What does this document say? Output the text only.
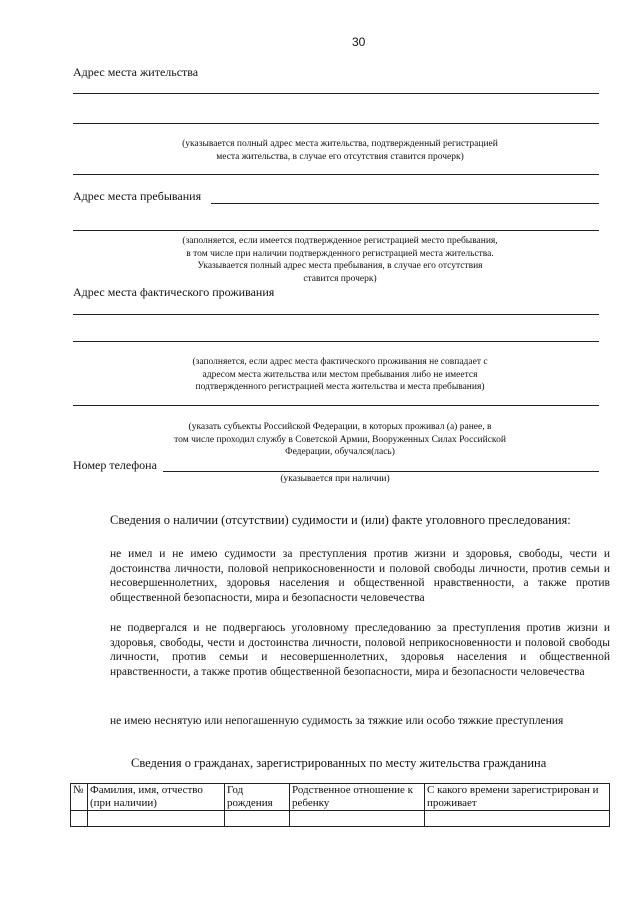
30
Адрес места жительства
(указывается полный адрес места жительства, подтвержденный регистрацией
места жительства, в случае его отсутствия ставится прочерк)
Адрес места пребывания
(заполняется, если имеется подтвержденное регистрацией место пребывания,
в том числе при наличии подтвержденного регистрацией места жительства.
Указывается полный адрес места пребывания, в случае его отсутствия
ставится прочерк)
Адрес места фактического проживания
(заполняется, если адрес места фактического проживания не совпадает с
адресом места жительства или местом пребывания либо не имеется
подтвержденного регистрацией места жительства и места пребывания)
(указать субъекты Российской Федерации, в которых проживал (а) ранее, в
том числе проходил службу в Советской Армии, Вооруженных Силах Российской
Федерации, обучался(лась)
Номер телефона
(указывается при наличии)
Сведения о наличии (отсутствии) судимости и (или) факте уголовного преследования:
не имел и не имею судимости за преступления против жизни и здоровья, свободы, чести и достоинства личности, половой неприкосновенности и половой свободы личности, против семьи и несовершеннолетних, здоровья населения и общественной нравственности, а также против общественной безопасности, мира и безопасности человечества
не подвергался и не подвергаюсь уголовному преследованию за преступления против жизни и здоровья, свободы, чести и достоинства личности, половой неприкосновенности и половой свободы личности, против семьи и несовершеннолетних, здоровья населения и общественной нравственности, а также против общественной безопасности, мира и безопасности человечества
не имею неснятую или непогашенную судимость за тяжкие или особо тяжкие преступления
Сведения о гражданах, зарегистрированных по месту жительства гражданина
№	Фамилия, имя, отчество (при наличии)	Год рождения	Родственное отношение к ребенку	С какого времени зарегистрирован и проживает
